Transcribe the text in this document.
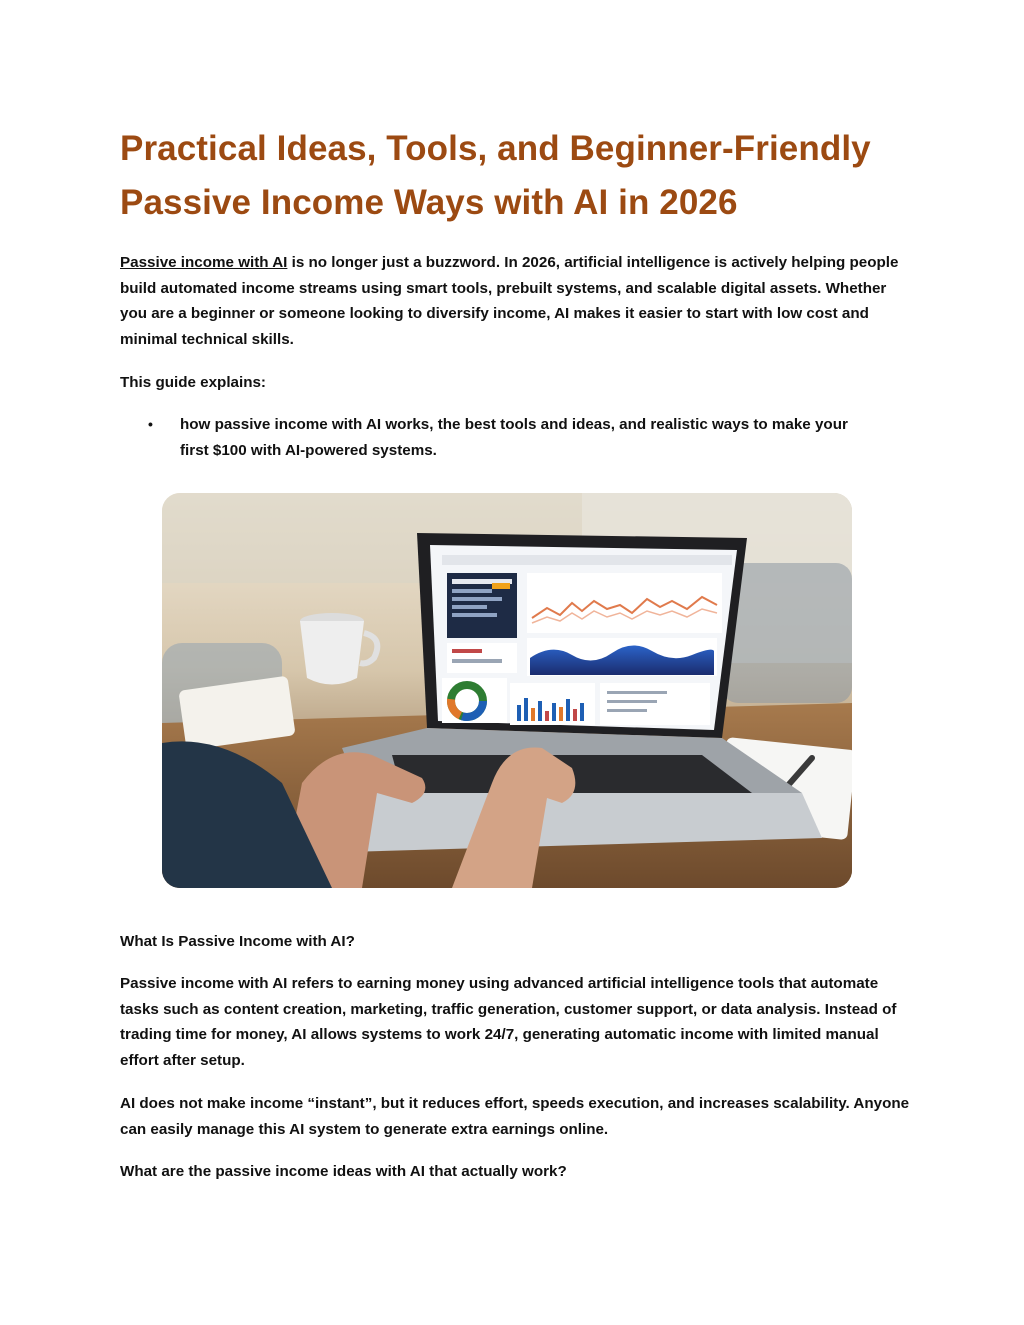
Practical Ideas, Tools, and Beginner-Friendly
Passive Income Ways with AI in 2026

Passive income with AI is no longer just a buzzword. In 2026, artificial intelligence is actively helping people build automated income streams using smart tools, prebuilt systems, and scalable digital assets. Whether you are a beginner or someone looking to diversify income, AI makes it easier to start with low cost and minimal technical skills.

This guide explains:

• how passive income with AI works, the best tools and ideas, and realistic ways to make your first $100 with AI-powered systems.

What Is Passive Income with AI?

Passive income with AI refers to earning money using advanced artificial intelligence tools that automate tasks such as content creation, marketing, traffic generation, customer support, or data analysis. Instead of trading time for money, AI allows systems to work 24/7, generating automatic income with limited manual effort after setup.

AI does not make income “instant”, but it reduces effort, speeds execution, and increases scalability. Anyone can easily manage this AI system to generate extra earnings online.

What are the passive income ideas with AI that actually work?
